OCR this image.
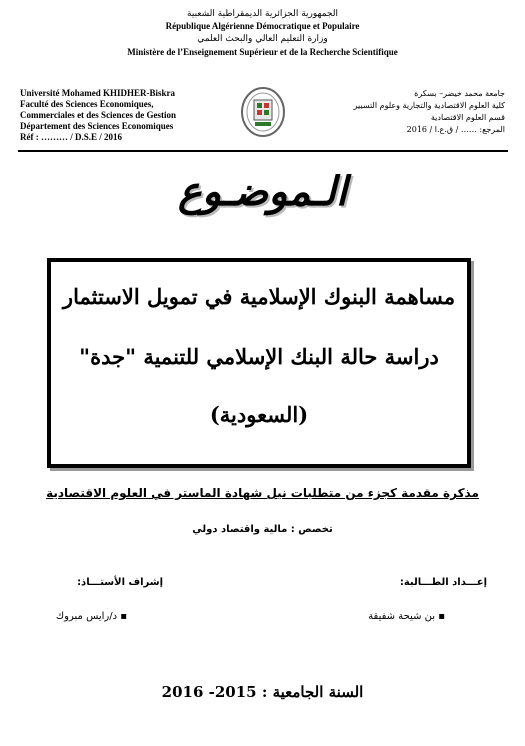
الجمهورية الجزائرية الديمقراطية الشعبية
République Algérienne Démocratique et Populaire
وزارة التعليم العالي والبحث العلمي
Ministère de l’Enseignement Supérieur et de la Recherche Scientifique
Université Mohamed KHIDHER-Biskra
Faculté des Sciences Economiques,
Commerciales et des Sciences de Gestion
Département des Sciences Economiques
Réf : ……… / D.S.E / 2016
جامعة محمد خيضر– بسكرة
كلية العلوم الاقتصادية والتجارية وعلوم التسيير
قسم العلوم الاقتصادية
المرجع: …… / ق.ع.ا / 2016
الـموضـوع
مساهمة البنوك الإسلامية في تمويل الاستثمار
دراسة حالة البنك الإسلامي للتنمية "جدة"
(السعودية)
مذكرة مقدمة كجزء من متطلبات نيل شهادة الماستر في العلوم الاقتصادية
تخصص : مالية واقتصاد دولي
إعـــداد الطـــالبة:
إشراف الأستـــاذ:
▪ بن شيحة شفيقة
▪ د/رايس مبروك
السنة الجامعية : 2015- 2016
